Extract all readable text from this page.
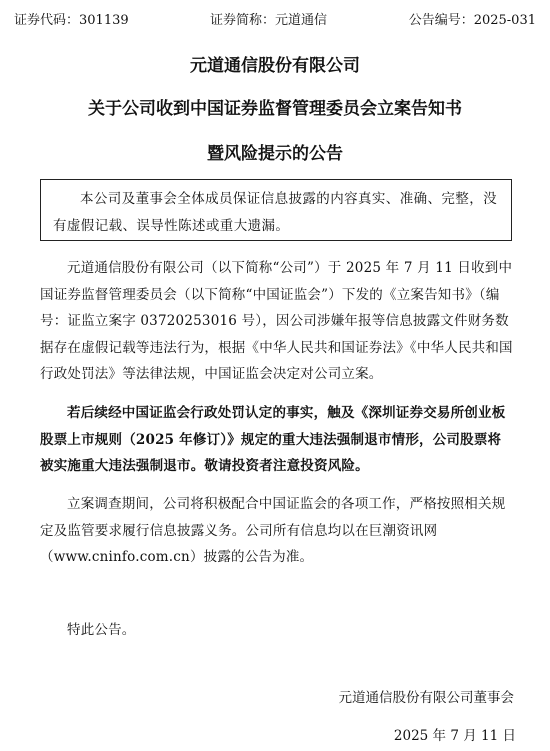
证券代码：301139	证券简称：元道通信	公告编号：2025-031
元道通信股份有限公司
关于公司收到中国证券监督管理委员会立案告知书
暨风险提示的公告
本公司及董事会全体成员保证信息披露的内容真实、准确、完整，没有虚假记载、误导性陈述或重大遗漏。

元道通信股份有限公司（以下简称“公司”）于 2025 年 7 月 11 日收到中国证券监督管理委员会（以下简称“中国证监会”）下发的《立案告知书》（编号：证监立案字 03720253016 号），因公司涉嫌年报等信息披露文件财务数据存在虚假记载等违法行为，根据《中华人民共和国证券法》《中华人民共和国行政处罚法》等法律法规，中国证监会决定对公司立案。

若后续经中国证监会行政处罚认定的事实，触及《深圳证券交易所创业板股票上市规则（2025 年修订）》规定的重大违法强制退市情形，公司股票将被实施重大违法强制退市。敬请投资者注意投资风险。

立案调查期间，公司将积极配合中国证监会的各项工作，严格按照相关规定及监管要求履行信息披露义务。公司所有信息均以在巨潮资讯网（www.cninfo.com.cn）披露的公告为准。

特此公告。

元道通信股份有限公司董事会
2025 年 7 月 11 日
